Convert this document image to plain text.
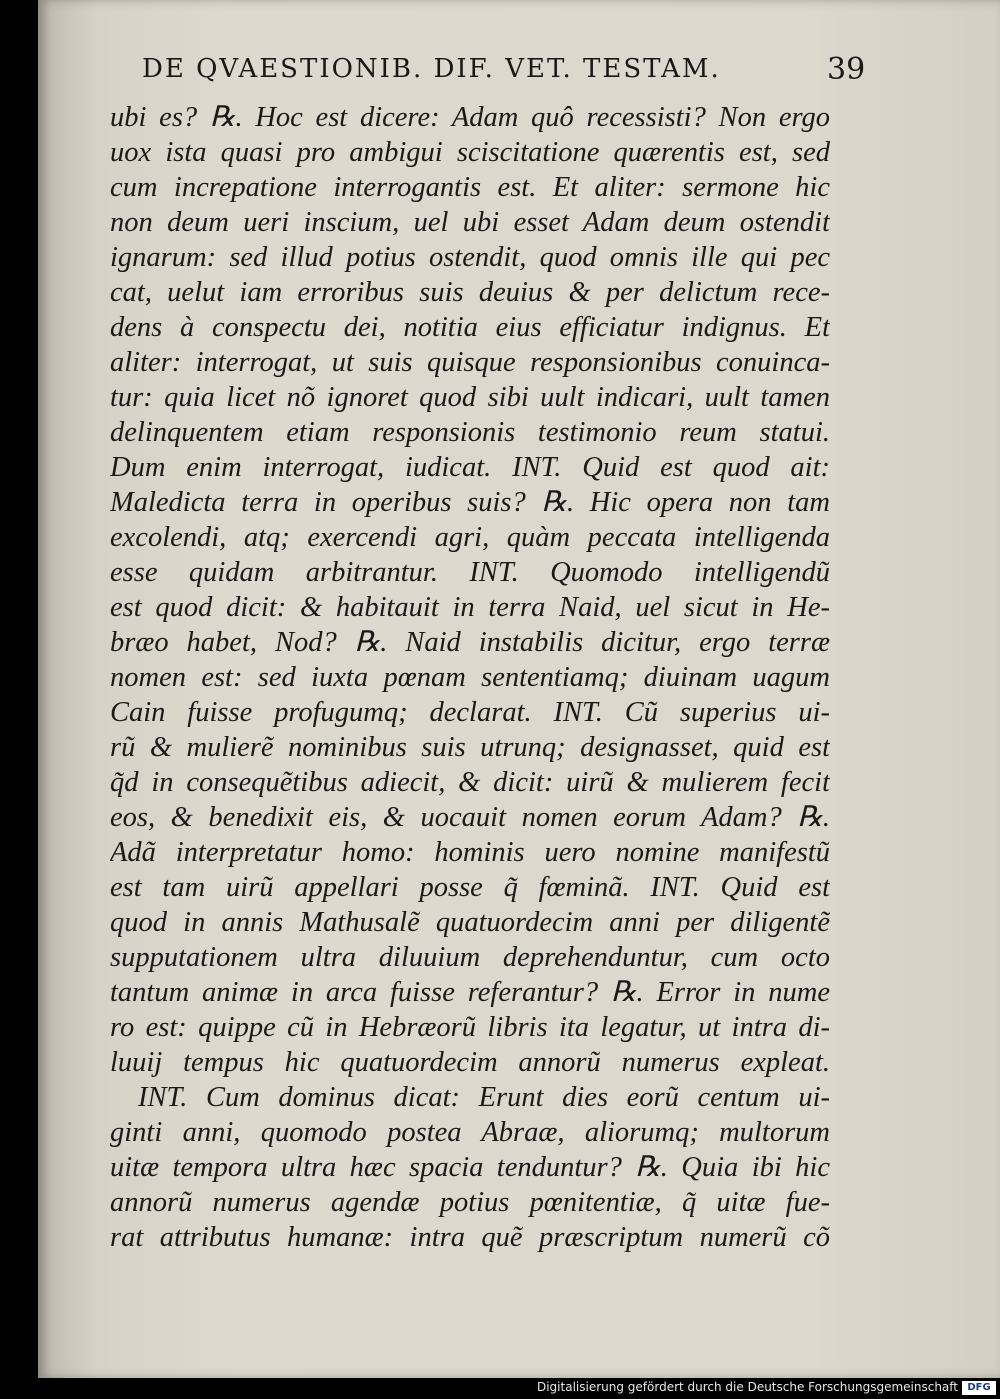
DE QVAESTIONIB. DIF. VET. TESTAM.	39
ubi es? ℞. Hoc est dicere: Adam quô recessisti? Non ergo
uox ista quasi pro ambigui sciscitatione quærentis est, sed
cum increpatione interrogantis est. Et aliter: sermone hic
non deum ueri inscium, uel ubi esset Adam deum ostendit
ignarum: sed illud potius ostendit, quod omnis ille qui pec
cat, uelut iam erroribus suis deuius & per delictum rece-
dens à conspectu dei, notitia eius efficiatur indignus. Et
aliter: interrogat, ut suis quisque responsionibus conuinca-
tur: quia licet nõ ignoret quod sibi uult indicari, uult tamen
delinquentem etiam responsionis testimonio reum statui.
Dum enim interrogat, iudicat. INT. Quid est quod ait:
Maledicta terra in operibus suis? ℞. Hic opera non tam
excolendi, atq; exercendi agri, quàm peccata intelligenda
esse quidam arbitrantur. INT. Quomodo intelligendũ
est quod dicit: & habitauit in terra Naid, uel sicut in He-
bræo habet, Nod? ℞. Naid instabilis dicitur, ergo terræ
nomen est: sed iuxta pœnam sententiamq; diuinam uagum
Cain fuisse profugumq; declarat. INT. Cũ superius ui-
rũ & mulierẽ nominibus suis utrunq; designasset, quid est
q̃d in consequẽtibus adiecit, & dicit: uirũ & mulierem fecit
eos, & benedixit eis, & uocauit nomen eorum Adam? ℞.
Adã interpretatur homo: hominis uero nomine manifestũ
est tam uirũ appellari posse q̃ fœminã. INT. Quid est
quod in annis Mathusalẽ quatuordecim anni per diligentẽ
supputationem ultra diluuium deprehenduntur, cum octo
tantum animæ in arca fuisse referantur? ℞. Error in nume
ro est: quippe cũ in Hebræorũ libris ita legatur, ut intra di-
luuij tempus hic quatuordecim annorũ numerus expleat.
INT. Cum dominus dicat: Erunt dies eorũ centum ui-
ginti anni, quomodo postea Abraæ, aliorumq; multorum
uitæ tempora ultra hæc spacia tenduntur? ℞. Quia ibi hic
annorũ numerus agendæ potius pœnitentiæ, q̃ uitæ fue-
rat attributus humanæ: intra quẽ præscriptum numerũ cõ
Digitalisierung gefördert durch die Deutsche Forschungsgemeinschaft DFG
